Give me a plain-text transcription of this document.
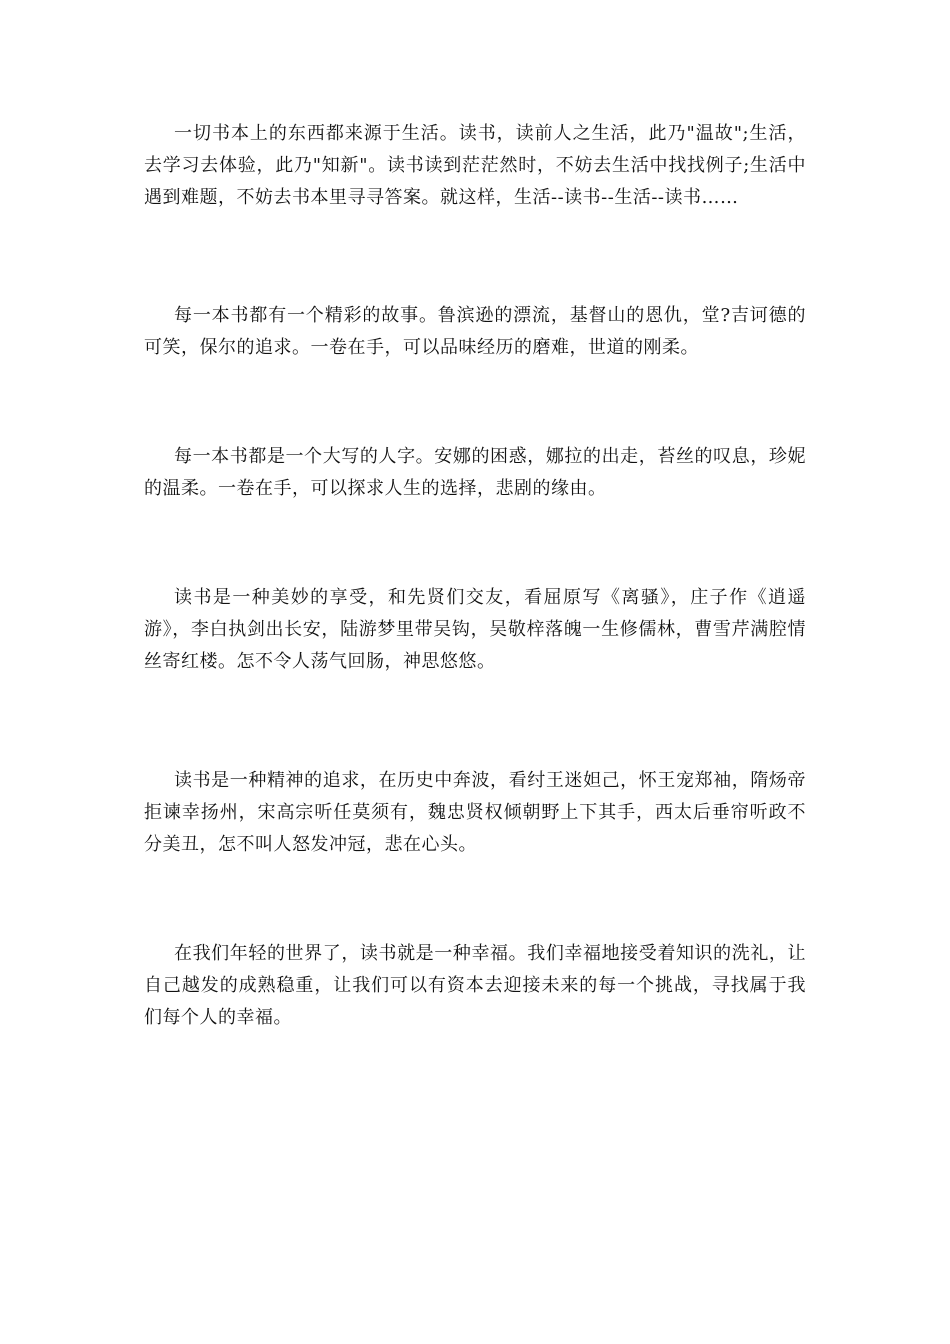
一切书本上的东西都来源于生活。读书，读前人之生活，此乃"温故";生活，去学习去体验，此乃"知新"。读书读到茫茫然时，不妨去生活中找找例子;生活中遇到难题，不妨去书本里寻寻答案。就这样，生活--读书--生活--读书……

每一本书都有一个精彩的故事。鲁滨逊的漂流，基督山的恩仇，堂?吉诃德的可笑，保尔的追求。一卷在手，可以品味经历的磨难，世道的刚柔。

每一本书都是一个大写的人字。安娜的困惑，娜拉的出走，苔丝的叹息，珍妮的温柔。一卷在手，可以探求人生的选择，悲剧的缘由。

读书是一种美妙的享受，和先贤们交友，看屈原写《离骚》，庄子作《逍遥游》，李白执剑出长安，陆游梦里带吴钩，吴敬梓落魄一生修儒林，曹雪芹满腔情丝寄红楼。怎不令人荡气回肠，神思悠悠。

读书是一种精神的追求，在历史中奔波，看纣王迷妲己，怀王宠郑袖，隋炀帝拒谏幸扬州，宋高宗听任莫须有，魏忠贤权倾朝野上下其手，西太后垂帘听政不分美丑，怎不叫人怒发冲冠，悲在心头。

在我们年轻的世界了，读书就是一种幸福。我们幸福地接受着知识的洗礼，让自己越发的成熟稳重，让我们可以有资本去迎接未来的每一个挑战，寻找属于我们每个人的幸福。
